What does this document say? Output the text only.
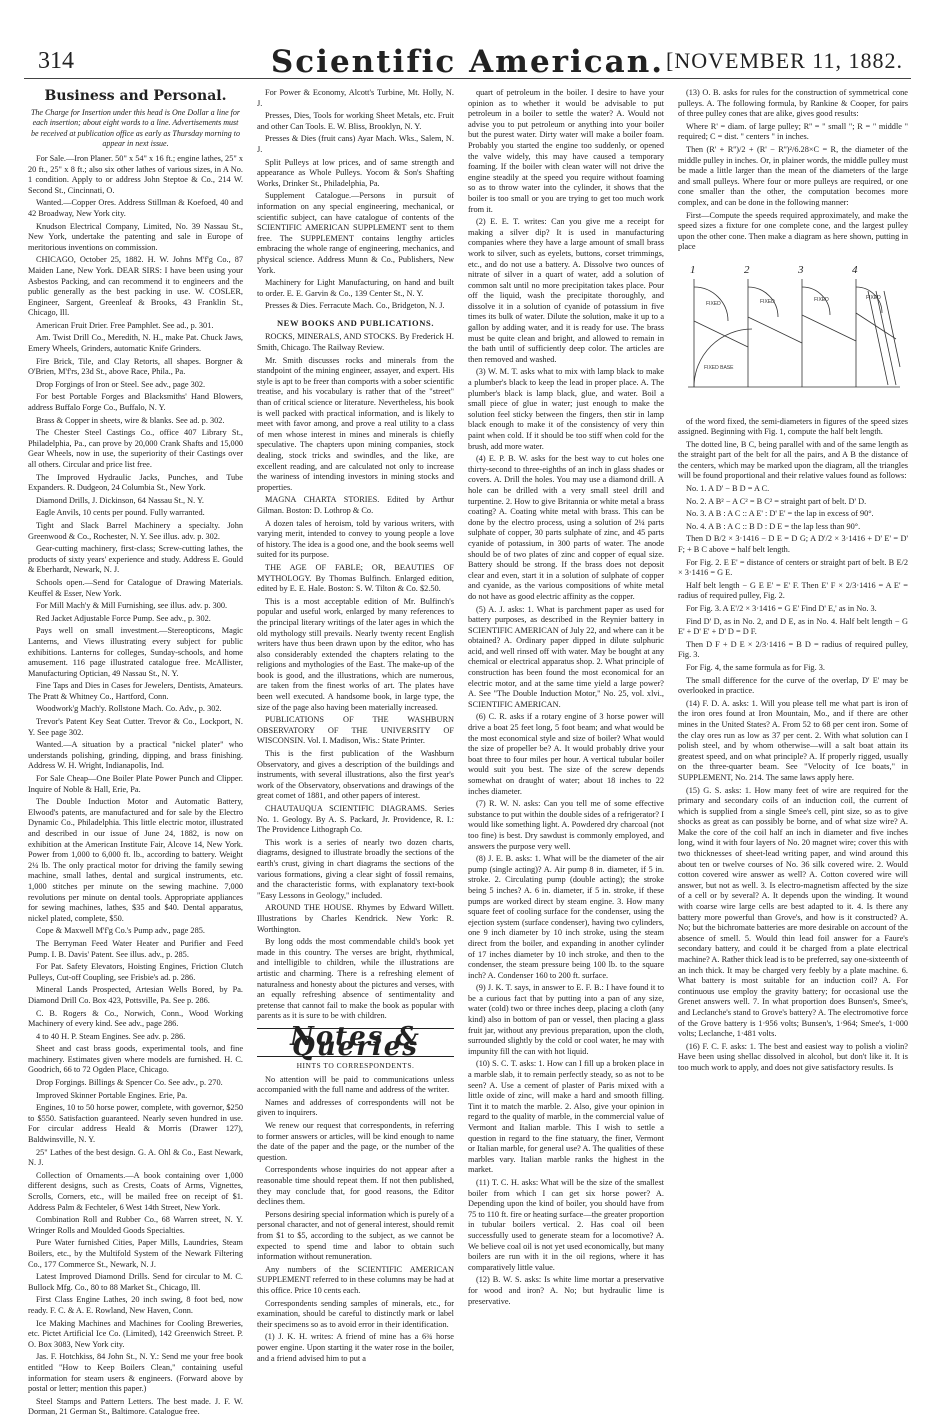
314	Scientific American. [NOVEMBER 11, 1882.
Business and Personal.
The Charge for Insertion under this head is One Dollar a line for each insertion; about eight words to a line. Advertisements must be received at publication office as early as Thursday morning to appear in next issue.

For Sale.—Iron Planer. 50" x 54" x 16 ft.; engine lathes, 25" x 20 ft., 25" x 8 ft.; also six other lathes of various sizes, in A No. 1 condition. Apply to or address John Steptoe & Co., 214 W. Second St., Cincinnati, O.

Wanted.—Copper Ores. Address Stillman & Koefoed, 40 and 42 Broadway, New York city.

Knudson Electrical Company, Limited, No. 39 Nassau St., New York, undertake the patenting and sale in Europe of meritorious inventions on commission.

CHICAGO, October 25, 1882. H. W. Johns M'f'g Co., 87 Maiden Lane, New York. DEAR SIRS: I have been using your Asbestos Packing, and can recommend it to engineers and the public generally as the best packing in use. W. COSLER, Engineer, Sargent, Greenleaf & Brooks, 43 Franklin St., Chicago, Ill.

American Fruit Drier. Free Pamphlet. See ad., p. 301.

Am. Twist Drill Co., Meredith, N. H., make Pat. Chuck Jaws, Emery Wheels, Grinders, automatic Knife Grinders.

Fire Brick, Tile, and Clay Retorts, all shapes. Borgner & O'Brien, M'f'rs, 23d St., above Race, Phila., Pa.

Drop Forgings of Iron or Steel. See adv., page 302.

For best Portable Forges and Blacksmiths' Hand Blowers, address Buffalo Forge Co., Buffalo, N. Y.

Brass & Copper in sheets, wire & blanks. See ad. p. 302.

The Chester Steel Castings Co., office 407 Library St., Philadelphia, Pa., can prove by 20,000 Crank Shafts and 15,000 Gear Wheels, now in use, the superiority of their Castings over all others. Circular and price list free.

The Improved Hydraulic Jacks, Punches, and Tube Expanders. R. Dudgeon, 24 Columbia St., New York.

Diamond Drills, J. Dickinson, 64 Nassau St., N. Y.

Eagle Anvils, 10 cents per pound. Fully warranted.

Tight and Slack Barrel Machinery a specialty. John Greenwood & Co., Rochester, N. Y. See illus. adv. p. 302.

Gear-cutting machinery, first-class; Screw-cutting lathes, the products of sixty years' experience and study. Address E. Gould & Eberhardt, Newark, N. J.

Schools open.—Send for Catalogue of Drawing Materials. Keuffel & Esser, New York.

For Mill Mach'y & Mill Furnishing, see illus. adv. p. 300.

Red Jacket Adjustable Force Pump. See adv., p. 302.

Pays well on small investment.—Stereopticons, Magic Lanterns, and Views illustrating every subject for public exhibitions. Lanterns for colleges, Sunday-schools, and home amusement. 116 page illustrated catalogue free. McAllister, Manufacturing Optician, 49 Nassau St., N. Y.

Fine Taps and Dies in Cases for Jewelers, Dentists, Amateurs. The Pratt & Whitney Co., Hartford, Conn.

Woodwork'g Mach'y. Rollstone Mach. Co. Adv., p. 302.

Trevor's Patent Key Seat Cutter. Trevor & Co., Lockport, N. Y. See page 302.

Wanted.—A situation by a practical "nickel plater" who understands polishing, grinding, dipping, and brass finishing. Address W. H. Wright, Indianapolis, Ind.

For Sale Cheap—One Boiler Plate Power Punch and Clipper. Inquire of Noble & Hall, Erie, Pa.

The Double Induction Motor and Automatic Battery, Elwood's patents, are manufactured and for sale by the Electro Dynamic Co., Philadelphia. This little electric motor, illustrated and described in our issue of June 24, 1882, is now on exhibition at the American Institute Fair, Alcove 14, New York. Power from 1,000 to 6,000 ft. lb., according to battery. Weight 2¼ lb. The only practical motor for driving the family sewing machine, small lathes, dental and surgical instruments, etc. 1,000 stitches per minute on the sewing machine. 7,000 revolutions per minute on dental tools. Appropriate appliances for sewing machines, lathes, $35 and $40. Dental apparatus, nickel plated, complete, $50.

Cope & Maxwell M'f'g Co.'s Pump adv., page 285.

The Berryman Feed Water Heater and Purifier and Feed Pump. I. B. Davis' Patent. See illus. adv., p. 285.

For Pat. Safety Elevators, Hoisting Engines, Friction Clutch Pulleys, Cut-off Coupling, see Frisbie's ad. p. 286.

Mineral Lands Prospected, Artesian Wells Bored, by Pa. Diamond Drill Co. Box 423, Pottsville, Pa. See p. 286.

C. B. Rogers & Co., Norwich, Conn., Wood Working Machinery of every kind. See adv., page 286.

4 to 40 H. P. Steam Engines. See adv. p. 286.

Sheet and cast brass goods, experimental tools, and fine machinery. Estimates given where models are furnished. H. C. Goodrich, 66 to 72 Ogden Place, Chicago.

Drop Forgings. Billings & Spencer Co. See adv., p. 270.

Improved Skinner Portable Engines. Erie, Pa.

Engines, 10 to 50 horse power, complete, with governor, $250 to $550. Satisfaction guaranteed. Nearly seven hundred in use. For circular address Heald & Morris (Drawer 127), Baldwinsville, N. Y.

25" Lathes of the best design. G. A. Ohl & Co., East Newark, N. J.

Collection of Ornaments.—A book containing over 1,000 different designs, such as Crests, Coats of Arms, Vignettes, Scrolls, Corners, etc., will be mailed free on receipt of $1. Address Palm & Fechteler, 6 West 14th Street, New York.

Combination Roll and Rubber Co., 68 Warren street, N. Y. Wringer Rolls and Moulded Goods Specialties.

Pure Water furnished Cities, Paper Mills, Laundries, Steam Boilers, etc., by the Multifold System of the Newark Filtering Co., 177 Commerce St., Newark, N. J.

Latest Improved Diamond Drills. Send for circular to M. C. Bullock Mfg. Co., 80 to 88 Market St., Chicago, Ill.

First Class Engine Lathes, 20 inch swing, 8 foot bed, now ready. F. C. & A. E. Rowland, New Haven, Conn.

Ice Making Machines and Machines for Cooling Breweries, etc. Pictet Artificial Ice Co. (Limited), 142 Greenwich Street. P. O. Box 3083, New York city.

Jas. F. Hotchkiss, 84 John St., N. Y.: Send me your free book entitled "How to Keep Boilers Clean," containing useful information for steam users & engineers. (Forward above by postal or letter; mention this paper.)

Steel Stamps and Pattern Letters. The best made. J. F. W. Dorman, 21 German St., Baltimore. Catalogue free.

For Power & Economy, Alcott's Turbine, Mt. Holly, N. J.

Presses, Dies, Tools for working Sheet Metals, etc. Fruit and other Can Tools. E. W. Bliss, Brooklyn, N. Y.

Presses & Dies (fruit cans) Ayar Mach. Wks., Salem, N. J.

Split Pulleys at low prices, and of same strength and appearance as Whole Pulleys. Yocom & Son's Shafting Works, Drinker St., Philadelphia, Pa.

Supplement Catalogue.—Persons in pursuit of information on any special engineering, mechanical, or scientific subject, can have catalogue of contents of the SCIENTIFIC AMERICAN SUPPLEMENT sent to them free. The SUPPLEMENT contains lengthy articles embracing the whole range of engineering, mechanics, and physical science. Address Munn & Co., Publishers, New York.

Machinery for Light Manufacturing, on hand and built to order. E. E. Garvin & Co., 139 Center St., N. Y.

Presses & Dies. Ferracute Mach. Co., Bridgeton, N. J.

NEW BOOKS AND PUBLICATIONS.

ROCKS, MINERALS, AND STOCKS. By Frederick H. Smith, Chicago. The Railway Review.

Mr. Smith discusses rocks and minerals from the standpoint of the mining engineer, assayer, and expert. His style is apt to be freer than comports with a sober scientific treatise, and his vocabulary is rather that of the "street" than of critical science or literature. Nevertheless, his book is well packed with practical information, and is likely to meet with favor among, and prove a real utility to a class of men whose interest in mines and minerals is chiefly speculative. The chapters upon mining companies, stock dealing, stock tricks and swindles, and the like, are excellent reading, and are calculated not only to increase the wariness of intending investors in mining stocks and properties.

MAGNA CHARTA STORIES. Edited by Arthur Gilman. Boston: D. Lothrop & Co.

A dozen tales of heroism, told by various writers, with varying merit, intended to convey to young people a love of history. The idea is a good one, and the book seems well suited for its purpose.

THE AGE OF FABLE; OR, BEAUTIES OF MYTHOLOGY. By Thomas Bulfinch. Enlarged edition, edited by E. E. Hale. Boston: S. W. Tilton & Co. $2.50.

This is a most acceptable edition of Mr. Bulfinch's popular and useful work, enlarged by many references to the principal literary writings of the later ages in which the old mythology still prevails. Nearly twenty recent English writers have thus been drawn upon by the editor, who has also considerably extended the chapters relating to the religions and mythologies of the East. The make-up of the book is good, and the illustrations, which are numerous, are taken from the finest works of art. The plates have been well executed. A handsome book, in large type, the size of the page also having been materially increased.

PUBLICATIONS OF THE WASHBURN OBSERVATORY OF THE UNIVERSITY OF WISCONSIN. Vol. I. Madison, Wis.: State Printer.

This is the first publication of the Washburn Observatory, and gives a description of the buildings and instruments, with several illustrations, also the first year's work of the Observatory, observations and drawings of the great comet of 1881, and other papers of interest.

CHAUTAUQUA SCIENTIFIC DIAGRAMS. Series No. 1. Geology. By A. S. Packard, Jr. Providence, R. I.: The Providence Lithograph Co.

This work is a series of nearly two dozen charts, diagrams, designed to illustrate broadly the sections of the earth's crust, giving in chart diagrams the sections of the various formations, giving a clear sight of fossil remains, and the characteristic forms, with explanatory text-book "Easy Lessons in Geology," included.

AROUND THE HOUSE. Rhymes by Edward Willett. Illustrations by Charles Kendrick. New York: R. Worthington.

By long odds the most commendable child's book yet made in this country. The verses are bright, rhythmical, and intelligible to children, while the illustrations are artistic and charming. There is a refreshing element of naturalness and honesty about the pictures and verses, with an equally refreshing absence of sentimentality and pretense that cannot fail to make the book as popular with parents as it is sure to be with children.

Notes & Queries
HINTS TO CORRESPONDENTS.

No attention will be paid to communications unless accompanied with the full name and address of the writer.

Names and addresses of correspondents will not be given to inquirers.

We renew our request that correspondents, in referring to former answers or articles, will be kind enough to name the date of the paper and the page, or the number of the question.

Correspondents whose inquiries do not appear after a reasonable time should repeat them. If not then published, they may conclude that, for good reasons, the Editor declines them.

Persons desiring special information which is purely of a personal character, and not of general interest, should remit from $1 to $5, according to the subject, as we cannot be expected to spend time and labor to obtain such information without remuneration.

Any numbers of the SCIENTIFIC AMERICAN SUPPLEMENT referred to in these columns may be had at this office. Price 10 cents each.

Correspondents sending samples of minerals, etc., for examination, should be careful to distinctly mark or label their specimens so as to avoid error in their identification.

(1) J. K. H. writes: A friend of mine has a 6¾ horse power engine. Upon starting it the water rose in the boiler, and a friend advised him to put a

quart of petroleum in the boiler. I desire to have your opinion as to whether it would be advisable to put petroleum in a boiler to settle the water? A. Would not advise you to put petroleum or anything into your boiler but the purest water. Dirty water will make a boiler foam. Probably you started the engine too suddenly, or opened the valve widely, this may have caused a temporary foaming. If the boiler with clean water will not drive the engine steadily at the speed you require without foaming so as to throw water into the cylinder, it shows that the boiler is too small or you are trying to get too much work from it.

(2) E. E. T. writes: Can you give me a receipt for making a silver dip? It is used in manufacturing companies where they have a large amount of small brass work to silver, such as eyelets, buttons, corset trimmings, etc., and do not use a battery. A. Dissolve two ounces of nitrate of silver in a quart of water, add a solution of common salt until no more precipitation takes place. Pour off the liquid, wash the precipitate thoroughly, and dissolve it in a solution of cyanide of potassium in five times its bulk of water. Dilute the solution, make it up to a gallon by adding water, and it is ready for use. The brass must be quite clean and bright, and allowed to remain in the bath until of sufficiently deep color. The articles are then removed and washed.

(3) W. M. T. asks what to mix with lamp black to make a plumber's black to keep the lead in proper place. A. The plumber's black is lamp black, glue, and water. Boil a small piece of glue in water; just enough to make the solution feel sticky between the fingers, then stir in lamp black enough to make it of the consistency of very thin paint when cold. If it should be too stiff when cold for the brush, add more water.

(4) E. P. B. W. asks for the best way to cut holes one thirty-second to three-eighths of an inch in glass shades or covers. A. Drill the holes. You may use a diamond drill. A hole can be drilled with a very small steel drill and turpentine. 2. How to give Britannia or white metal a brass coating? A. Coating white metal with brass. This can be done by the electro process, using a solution of 2¼ parts sulphate of copper, 30 parts sulphate of zinc, and 45 parts cyanide of potassium, in 300 parts of water. The anode should be of two plates of zinc and copper of equal size. Battery should be strong. If the brass does not deposit clear and even, start it in a solution of sulphate of copper and cyanide, as the various compositions of white metal do not have as good electric affinity as the copper.

(5) A. J. asks: 1. What is parchment paper as used for battery purposes, as described in the Reynier battery in SCIENTIFIC AMERICAN of July 22, and where can it be obtained? A. Ordinary paper dipped in dilute sulphuric acid, and well rinsed off with water. May be bought at any chemical or electrical apparatus shop. 2. What principle of construction has been found the most economical for an electric motor, and at the same time yield a large power? A. See "The Double Induction Motor," No. 25, vol. xlvi., SCIENTIFIC AMERICAN.

(6) C. R. asks if a rotary engine of 3 horse power will drive a boat 25 feet long, 5 foot beam; and what would be the most economical style and size of boiler? What would the size of propeller be? A. It would probably drive your boat three to four miles per hour. A vertical tubular boiler would suit you best. The size of the screw depends somewhat on draught of water; about 18 inches to 22 inches diameter.

(7) R. W. N. asks: Can you tell me of some effective substance to put within the double sides of a refrigerator? I would like something light. A. Powdered dry charcoal (not too fine) is best. Dry sawdust is commonly employed, and answers the purpose very well.

(8) J. E. B. asks: 1. What will be the diameter of the air pump (single acting)? A. Air pump 8 in. diameter, if 5 in. stroke. 2. Circulating pump (double acting); the stroke being 5 inches? A. 6 in. diameter, if 5 in. stroke, if these pumps are worked direct by steam engine. 3. How many square feet of cooling surface for the condenser, using the ejection system (surface condenser), having two cylinders, one 9 inch diameter by 10 inch stroke, using the steam direct from the boiler, and expanding in another cylinder of 17 inches diameter by 10 inch stroke, and then to the condenser, the steam pressure being 100 lb. to the square inch? A. Condenser 160 to 200 ft. surface.

(9) J. K. T. says, in answer to E. F. B.: I have found it to be a curious fact that by putting into a pan of any size, water (cold) two or three inches deep, placing a cloth (any kind) also in bottom of pan or vessel, then placing a glass fruit jar, without any previous preparation, upon the cloth, surrounded slightly by the cold or cool water, he may with impunity fill the can with hot liquid.

(10) S. C. T. asks: 1. How can I fill up a broken place in a marble slab, it to remain perfectly steady, so as not to be seen? A. Use a cement of plaster of Paris mixed with a little oxide of zinc, will make a hard and smooth filling. Tint it to match the marble. 2. Also, give your opinion in regard to the quality of marble, in the commercial value of Vermont and Italian marble. This I wish to settle a question in regard to the fine statuary, the finer, Vermont or Italian marble, for general use? A. The qualities of these marbles vary. Italian marble ranks the highest in the market.

(11) T. C. H. asks: What will be the size of the smallest boiler from which I can get six horse power? A. Depending upon the kind of boiler, you should have from 75 to 110 ft. fire or heating surface—the greater proportion in tubular boilers vertical. 2. Has coal oil been successfully used to generate steam for a locomotive? A. We believe coal oil is not yet used economically, but many boilers are run with it in the oil regions, where it has comparatively little value.

(12) B. W. S. asks: Is white lime mortar a preservative for wood and iron? A. No; but hydraulic lime is preservative.

(13) O. B. asks for rules for the construction of symmetrical cone pulleys. A. The following formula, by Rankine & Cooper, for pairs of three pulley cones that are alike, gives good results:

Where R' = diam. of large pulley; R'' = " small "; R = " middle " required; C = dist. " centers " in inches.

Then (R' + R'')/2 + (R' − R'')²/6.28×C = R, the diameter of the middle pulley in inches. Or, in plainer words, the middle pulley must be made a little larger than the mean of the diameters of the large and small pulleys. Where four or more pulleys are required, or one cone smaller than the other, the computation becomes more complex, and can be done in the following manner:

First—Compute the speeds required approximately, and make the speed sizes a fixture for one complete cone, and the largest pulley upon the other cone. Then make a diagram as here shown, putting in place

1	2	3	4
FIXED	FIXED	FIXED	FIXED
FIXED BASE

of the word fixed, the semi-diameters in figures of the speed sizes assigned. Beginning with Fig. 1, compute the half belt length.

The dotted line, B C, being parallel with and of the same length as the straight part of the belt for all the pairs, and A B the distance of the centers, which may be marked upon the diagram, all the triangles will be found proportional and their relative values found as follows:

No. 1. A D' − B D = A C.

No. 2. A B² − A C² = B C² = straight part of belt. D' D.

No. 3. A B : A C :: A E' : D' E' = the lap in excess of 90°.

No. 4. A B : A C :: B D : D E = the lap less than 90°.

Then D B/2 × 3·1416 − D E = D G; A D'/2 × 3·1416 + D' E' = D' F; + B C above = half belt length.

For Fig. 2. E E' = distance of centers or straight part of belt. B E/2 × 3·1416 = G E.

Half belt length − G E E' = E' F. Then E' F × 2/3·1416 = A E' = radius of required pulley, Fig. 2.

For Fig. 3. A E'/2 × 3·1416 = G E' Find D' E,' as in No. 3.

Find D' D, as in No. 2, and D E, as in No. 4. Half belt length − G E' + D' E' + D' D = D F.

Then D F + D E × 2/3·1416 = B D = radius of required pulley, Fig. 3.

For Fig. 4, the same formula as for Fig. 3.

The small difference for the curve of the overlap, D' E' may be overlooked in practice.

(14) F. D. A. asks: 1. Will you please tell me what part is iron of the iron ores found at Iron Mountain, Mo., and if there are other mines in the United States? A. From 52 to 68 per cent iron. Some of the clay ores run as low as 37 per cent. 2. With what solution can I polish steel, and by whom otherwise—will a salt boat attain its greatest speed, and on what principle? A. If properly rigged, usually on the three-quarter beam. See "Velocity of Ice boats," in SUPPLEMENT, No. 214. The same laws apply here.

(15) G. S. asks: 1. How many feet of wire are required for the primary and secondary coils of an induction coil, the current of which is supplied from a single Smee's cell, pint size, so as to give shocks as great as can possibly be borne, and of what size wire? A. Make the core of the coil half an inch in diameter and five inches long, wind it with four layers of No. 20 magnet wire; cover this with two thicknesses of sheet-lead writing paper, and wind around this about ten or twelve courses of No. 36 silk covered wire. 2. Would cotton covered wire answer as well? A. Cotton covered wire will answer, but not as well. 3. Is electro-magnetism affected by the size of a cell or by several? A. It depends upon the winding. It wound with coarse wire large cells are best adapted to it. 4. Is there any battery more powerful than Grove's, and how is it constructed? A. No; but the bichromate batteries are more desirable on account of the absence of smell. 5. Would thin lead foil answer for a Faure's secondary battery, and could it be charged from a plate electrical machine? A. Rather thick lead is to be preferred, say one-sixteenth of an inch thick. It may be charged very feebly by a plate machine. 6. What battery is most suitable for an induction coil? A. For continuous use employ the gravity battery; for occasional use the Grenet answers well. 7. In what proportion does Bunsen's, Smee's, and Leclanche's stand to Grove's battery? A. The electromotive force of the Grove battery is 1·956 volts; Bunsen's, 1·964; Smee's, 1·000 volts; Leclanche, 1·481 volts.

(16) F. C. F. asks: 1. The best and easiest way to polish a violin? Have been using shellac dissolved in alcohol, but don't like it. It is too much work to apply, and does not give satisfactory results. Is
